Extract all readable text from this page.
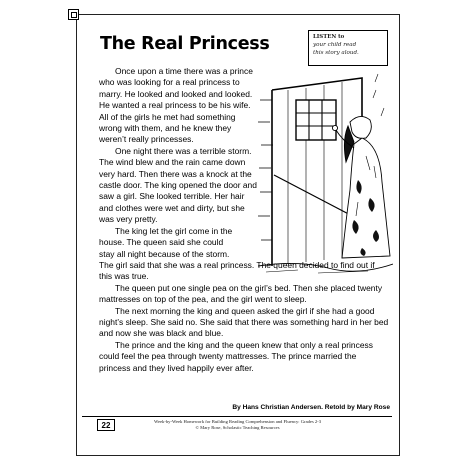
The Real Princess	LISTEN to
your child read
this story aloud.

Once upon a time there was a prince who was looking for a real princess to marry. He looked and looked and looked. He wanted a real princess to be his wife. All of the girls he met had something wrong with them, and he knew they weren’t really princesses.

One night there was a terrible storm. The wind blew and the rain came down very hard. Then there was a knock at the castle door. The king opened the door and saw a girl. She looked terrible. Her hair and clothes were wet and dirty, but she was very pretty.

The king let the girl come in the
house. The queen said she could
stay all night because of the storm.
The girl said that she was a real princess. The queen decided to find out if this was true.

The queen put one single pea on the girl’s bed. Then she placed twenty mattresses on top of the pea, and the girl went to sleep.

The next morning the king and queen asked the girl if she had a good night’s sleep. She said no. She said that there was something hard in her bed and now she was black and blue.

The prince and the king and the queen knew that only a real princess could feel the pea through twenty mattresses. The prince married the princess and they lived happily ever after.

By Hans Christian Andersen. Retold by Mary Rose
22	Week-by-Week Homework for Building Reading Comprehension and Fluency: Grades 2-3
© Mary Rose, Scholastic Teaching Resources
